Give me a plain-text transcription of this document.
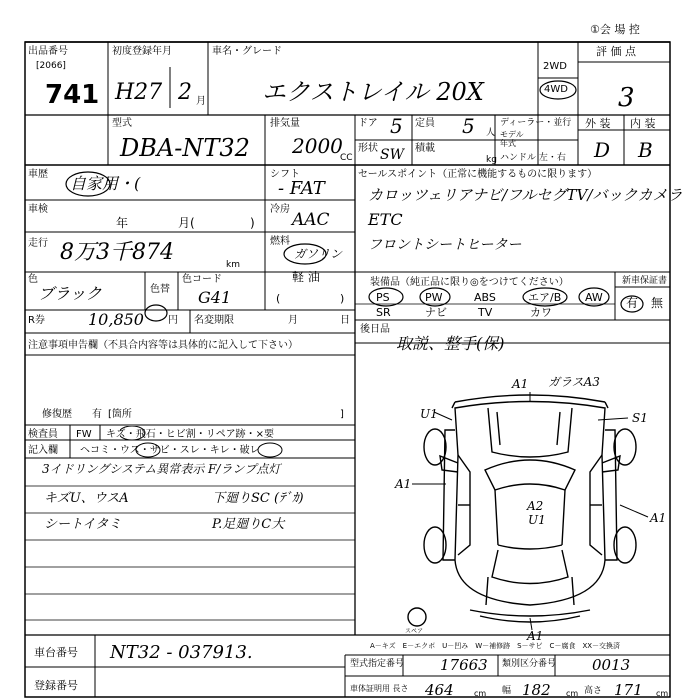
①会 場 控
出品番号
[2066]
741
初度登録年月
H27 2 月
車名・グレード
エクストレイル 20X
2WD
4WD
評 価 点
3
型式
DBA-NT32
排気量
2000
CC
ドア 5 定員 5 人
ディーラー・並行
モデル 年式
形状 SW 積載
kg ハンドル 左・右
外 装 内 装
D B
車歴 自家用・(	シフト
- FAT
セールスポイント（正常に機能するものに限ります）
カロッツェリアナビ/フルセグTV/バックカメラ
ETC
フロントシートヒーター
車検
年	月(	)
冷房
AAC
走行 8万3千874	km
燃料
ガソリン
軽 油
(	)
色
ブラック	色替
色コード
G41
装備品（純正品に限り◎をつけてください）
PS	PW	ABS	エア/B AW
SR	ナビ	TV	カワ
新車保証書
有 無
R券	10,850 円 名変期限	月	日
後日品
取説、整手(保)
注意事項申告欄（不具合内容等は具体的に記入して下さい）
修復歴 有 [箇所	]
検査員
記入欄
FW キズ・飛石・ヒビ割・リペア跡・×要
ヘコミ・ウス・サビ・スレ・キレ・破レ
3イドリングシステム異常表示 F/ランプ点灯
キズU、ウスA	下廻りSC (ﾃﾞｶ)
シートイタミ	P.足廻りC大
A1 ガラスA3
U1	S1
A1
A2
U1	A1
A1
スペア
A－キズ　E－エクボ　U－凹み　W－補修跡　S－サビ　C－腐食　XX－交換済
車台番号 NT32 - 037913.
登録番号
型式指定番号 17663 類別区分番号 0013
車体証明用 長さ 464	cm 幅 182 cm 高さ 171 cm
